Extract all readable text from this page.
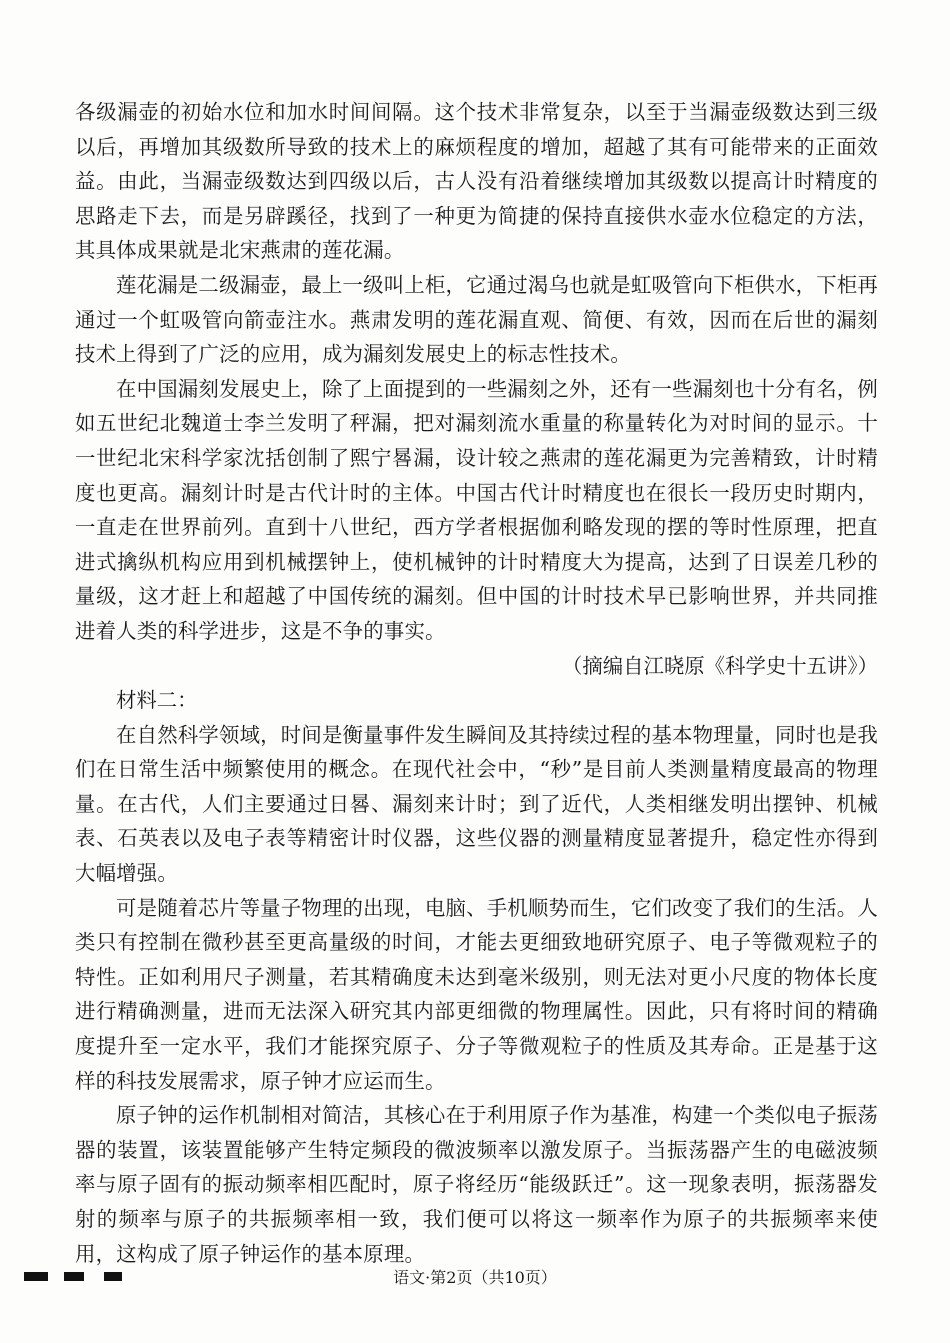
各级漏壶的初始水位和加水时间间隔。这个技术非常复杂，以至于当漏壶级数达到三级以后，再增加其级数所导致的技术上的麻烦程度的增加，超越了其有可能带来的正面效益。由此，当漏壶级数达到四级以后，古人没有沿着继续增加其级数以提高计时精度的思路走下去，而是另辟蹊径，找到了一种更为简捷的保持直接供水壶水位稳定的方法，其具体成果就是北宋燕肃的莲花漏。

莲花漏是二级漏壶，最上一级叫上柜，它通过渴乌也就是虹吸管向下柜供水，下柜再通过一个虹吸管向箭壶注水。燕肃发明的莲花漏直观、简便、有效，因而在后世的漏刻技术上得到了广泛的应用，成为漏刻发展史上的标志性技术。

在中国漏刻发展史上，除了上面提到的一些漏刻之外，还有一些漏刻也十分有名，例如五世纪北魏道士李兰发明了秤漏，把对漏刻流水重量的称量转化为对时间的显示。十一世纪北宋科学家沈括创制了熙宁晷漏，设计较之燕肃的莲花漏更为完善精致，计时精度也更高。漏刻计时是古代计时的主体。中国古代计时精度也在很长一段历史时期内，一直走在世界前列。直到十八世纪，西方学者根据伽利略发现的摆的等时性原理，把直进式擒纵机构应用到机械摆钟上，使机械钟的计时精度大为提高，达到了日误差几秒的量级，这才赶上和超越了中国传统的漏刻。但中国的计时技术早已影响世界，并共同推进着人类的科学进步，这是不争的事实。

（摘编自江晓原《科学史十五讲》）

材料二：

在自然科学领域，时间是衡量事件发生瞬间及其持续过程的基本物理量，同时也是我们在日常生活中频繁使用的概念。在现代社会中，“秒”是目前人类测量精度最高的物理量。在古代，人们主要通过日晷、漏刻来计时；到了近代，人类相继发明出摆钟、机械表、石英表以及电子表等精密计时仪器，这些仪器的测量精度显著提升，稳定性亦得到大幅增强。

可是随着芯片等量子物理的出现，电脑、手机顺势而生，它们改变了我们的生活。人类只有控制在微秒甚至更高量级的时间，才能去更细致地研究原子、电子等微观粒子的特性。正如利用尺子测量，若其精确度未达到毫米级别，则无法对更小尺度的物体长度进行精确测量，进而无法深入研究其内部更细微的物理属性。因此，只有将时间的精确度提升至一定水平，我们才能探究原子、分子等微观粒子的性质及其寿命。正是基于这样的科技发展需求，原子钟才应运而生。

原子钟的运作机制相对简洁，其核心在于利用原子作为基准，构建一个类似电子振荡器的装置，该装置能够产生特定频段的微波频率以激发原子。当振荡器产生的电磁波频率与原子固有的振动频率相匹配时，原子将经历“能级跃迁”。这一现象表明，振荡器发射的频率与原子的共振频率相一致，我们便可以将这一频率作为原子的共振频率来使用，这构成了原子钟运作的基本原理。

语文·第2页（共10页）
